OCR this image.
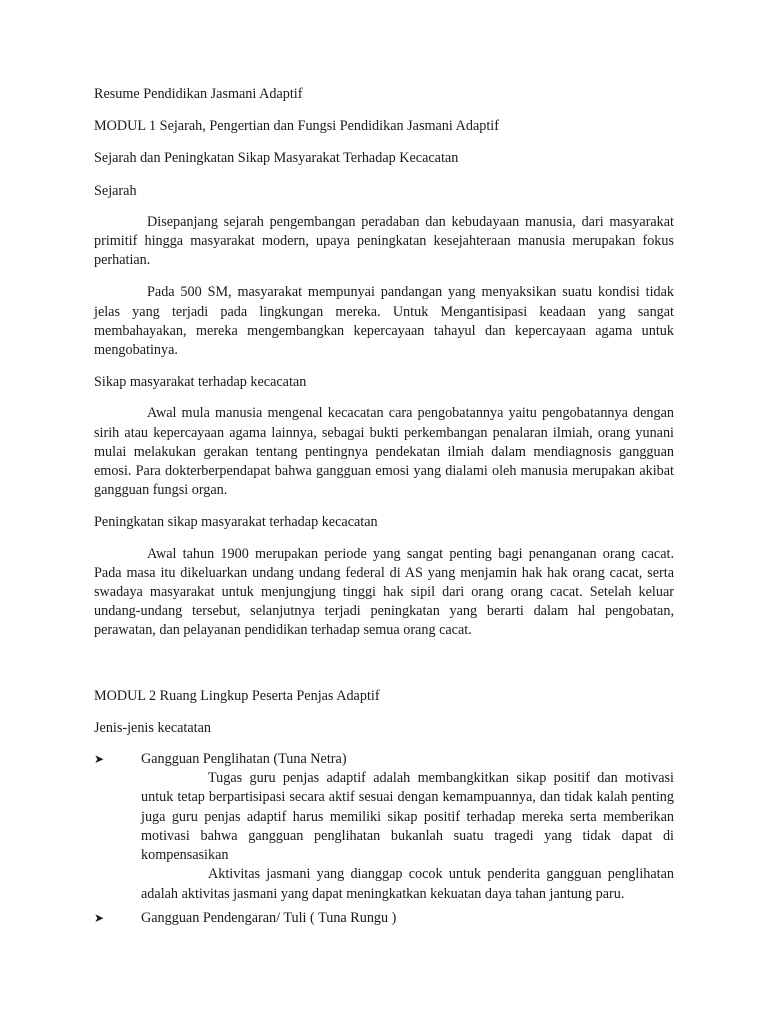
Resume Pendidikan Jasmani Adaptif

MODUL 1 Sejarah, Pengertian dan Fungsi Pendidikan Jasmani Adaptif

Sejarah dan Peningkatan Sikap Masyarakat Terhadap Kecacatan

Sejarah

Disepanjang sejarah pengembangan peradaban dan kebudayaan manusia, dari masyarakat primitif hingga masyarakat modern, upaya peningkatan kesejahteraan manusia merupakan fokus perhatian.

Pada 500 SM, masyarakat mempunyai pandangan yang menyaksikan suatu kondisi tidak jelas yang terjadi pada lingkungan mereka. Untuk Mengantisipasi keadaan yang sangat membahayakan, mereka mengembangkan kepercayaan tahayul dan kepercayaan agama untuk mengobatinya.

Sikap masyarakat terhadap kecacatan

Awal mula manusia mengenal kecacatan cara pengobatannya yaitu pengobatannya dengan sirih atau kepercayaan agama lainnya, sebagai bukti perkembangan penalaran ilmiah, orang yunani mulai melakukan gerakan tentang pentingnya pendekatan ilmiah dalam mendiagnosis gangguan emosi. Para dokterberpendapat bahwa gangguan emosi yang dialami oleh manusia merupakan akibat gangguan fungsi organ.

Peningkatan sikap masyarakat terhadap kecacatan

Awal tahun 1900 merupakan periode yang sangat penting bagi penanganan orang cacat. Pada masa itu dikeluarkan undang undang federal di AS yang menjamin hak hak orang cacat, serta swadaya masyarakat untuk menjungjung tinggi hak sipil dari orang orang cacat. Setelah keluar undang-undang tersebut, selanjutnya terjadi peningkatan yang berarti dalam hal pengobatan, perawatan, dan pelayanan pendidikan terhadap semua orang cacat.

MODUL 2 Ruang Lingkup Peserta Penjas Adaptif

Jenis-jenis kecatatan

➤	Gangguan Penglihatan (Tuna Netra)

Tugas guru penjas adaptif adalah membangkitkan sikap positif dan motivasi untuk tetap berpartisipasi secara aktif sesuai dengan kemampuannya, dan tidak kalah penting juga guru penjas adaptif harus memiliki sikap positif terhadap mereka serta memberikan motivasi bahwa gangguan penglihatan bukanlah suatu tragedi yang tidak dapat di kompensasikan

Aktivitas jasmani yang dianggap cocok untuk penderita gangguan penglihatan adalah aktivitas jasmani yang dapat meningkatkan kekuatan daya tahan jantung paru.

➤	Gangguan Pendengaran/ Tuli ( Tuna Rungu )
